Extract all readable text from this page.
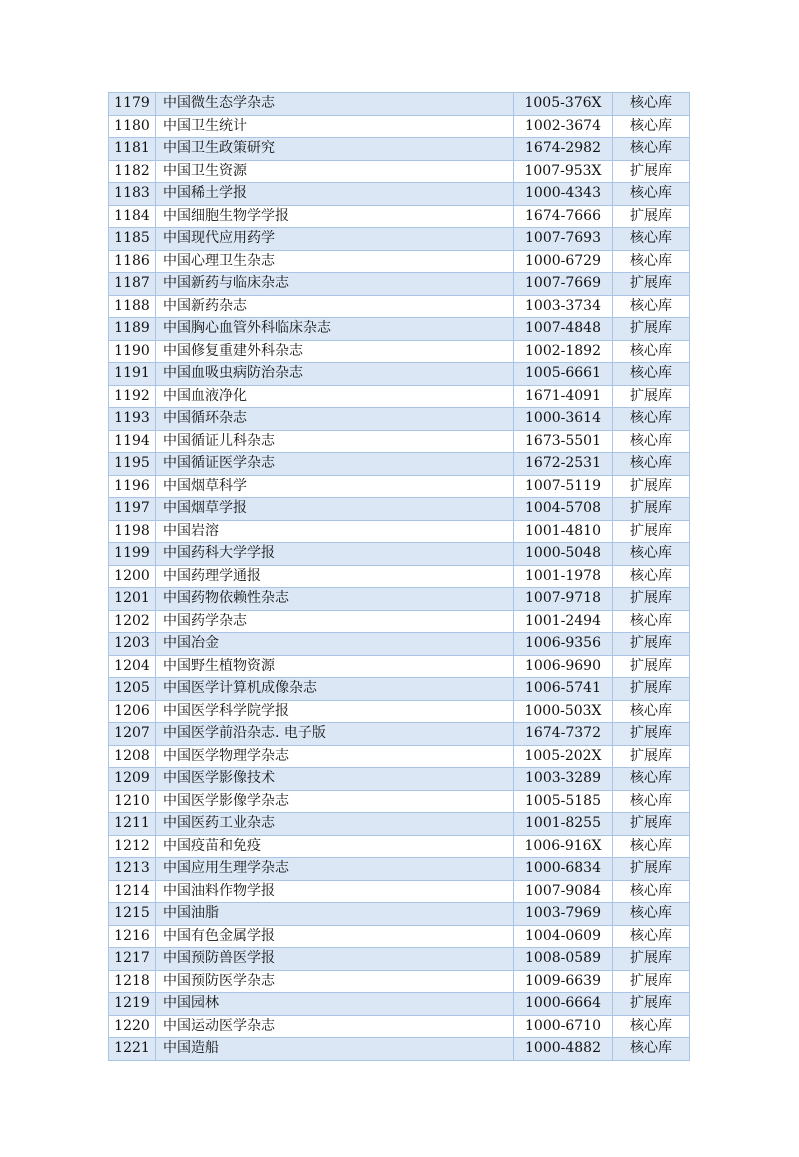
1179	中国微生态学杂志	1005-376X	核心库
1180	中国卫生统计	1002-3674	核心库
1181	中国卫生政策研究	1674-2982	核心库
1182	中国卫生资源	1007-953X	扩展库
1183	中国稀土学报	1000-4343	核心库
1184	中国细胞生物学学报	1674-7666	扩展库
1185	中国现代应用药学	1007-7693	核心库
1186	中国心理卫生杂志	1000-6729	核心库
1187	中国新药与临床杂志	1007-7669	扩展库
1188	中国新药杂志	1003-3734	核心库
1189	中国胸心血管外科临床杂志	1007-4848	扩展库
1190	中国修复重建外科杂志	1002-1892	核心库
1191	中国血吸虫病防治杂志	1005-6661	核心库
1192	中国血液净化	1671-4091	扩展库
1193	中国循环杂志	1000-3614	核心库
1194	中国循证儿科杂志	1673-5501	核心库
1195	中国循证医学杂志	1672-2531	核心库
1196	中国烟草科学	1007-5119	扩展库
1197	中国烟草学报	1004-5708	扩展库
1198	中国岩溶	1001-4810	扩展库
1199	中国药科大学学报	1000-5048	核心库
1200	中国药理学通报	1001-1978	核心库
1201	中国药物依赖性杂志	1007-9718	扩展库
1202	中国药学杂志	1001-2494	核心库
1203	中国冶金	1006-9356	扩展库
1204	中国野生植物资源	1006-9690	扩展库
1205	中国医学计算机成像杂志	1006-5741	扩展库
1206	中国医学科学院学报	1000-503X	核心库
1207	中国医学前沿杂志. 电子版	1674-7372	扩展库
1208	中国医学物理学杂志	1005-202X	扩展库
1209	中国医学影像技术	1003-3289	核心库
1210	中国医学影像学杂志	1005-5185	核心库
1211	中国医药工业杂志	1001-8255	扩展库
1212	中国疫苗和免疫	1006-916X	核心库
1213	中国应用生理学杂志	1000-6834	扩展库
1214	中国油料作物学报	1007-9084	核心库
1215	中国油脂	1003-7969	核心库
1216	中国有色金属学报	1004-0609	核心库
1217	中国预防兽医学报	1008-0589	扩展库
1218	中国预防医学杂志	1009-6639	扩展库
1219	中国园林	1000-6664	扩展库
1220	中国运动医学杂志	1000-6710	核心库
1221	中国造船	1000-4882	核心库
